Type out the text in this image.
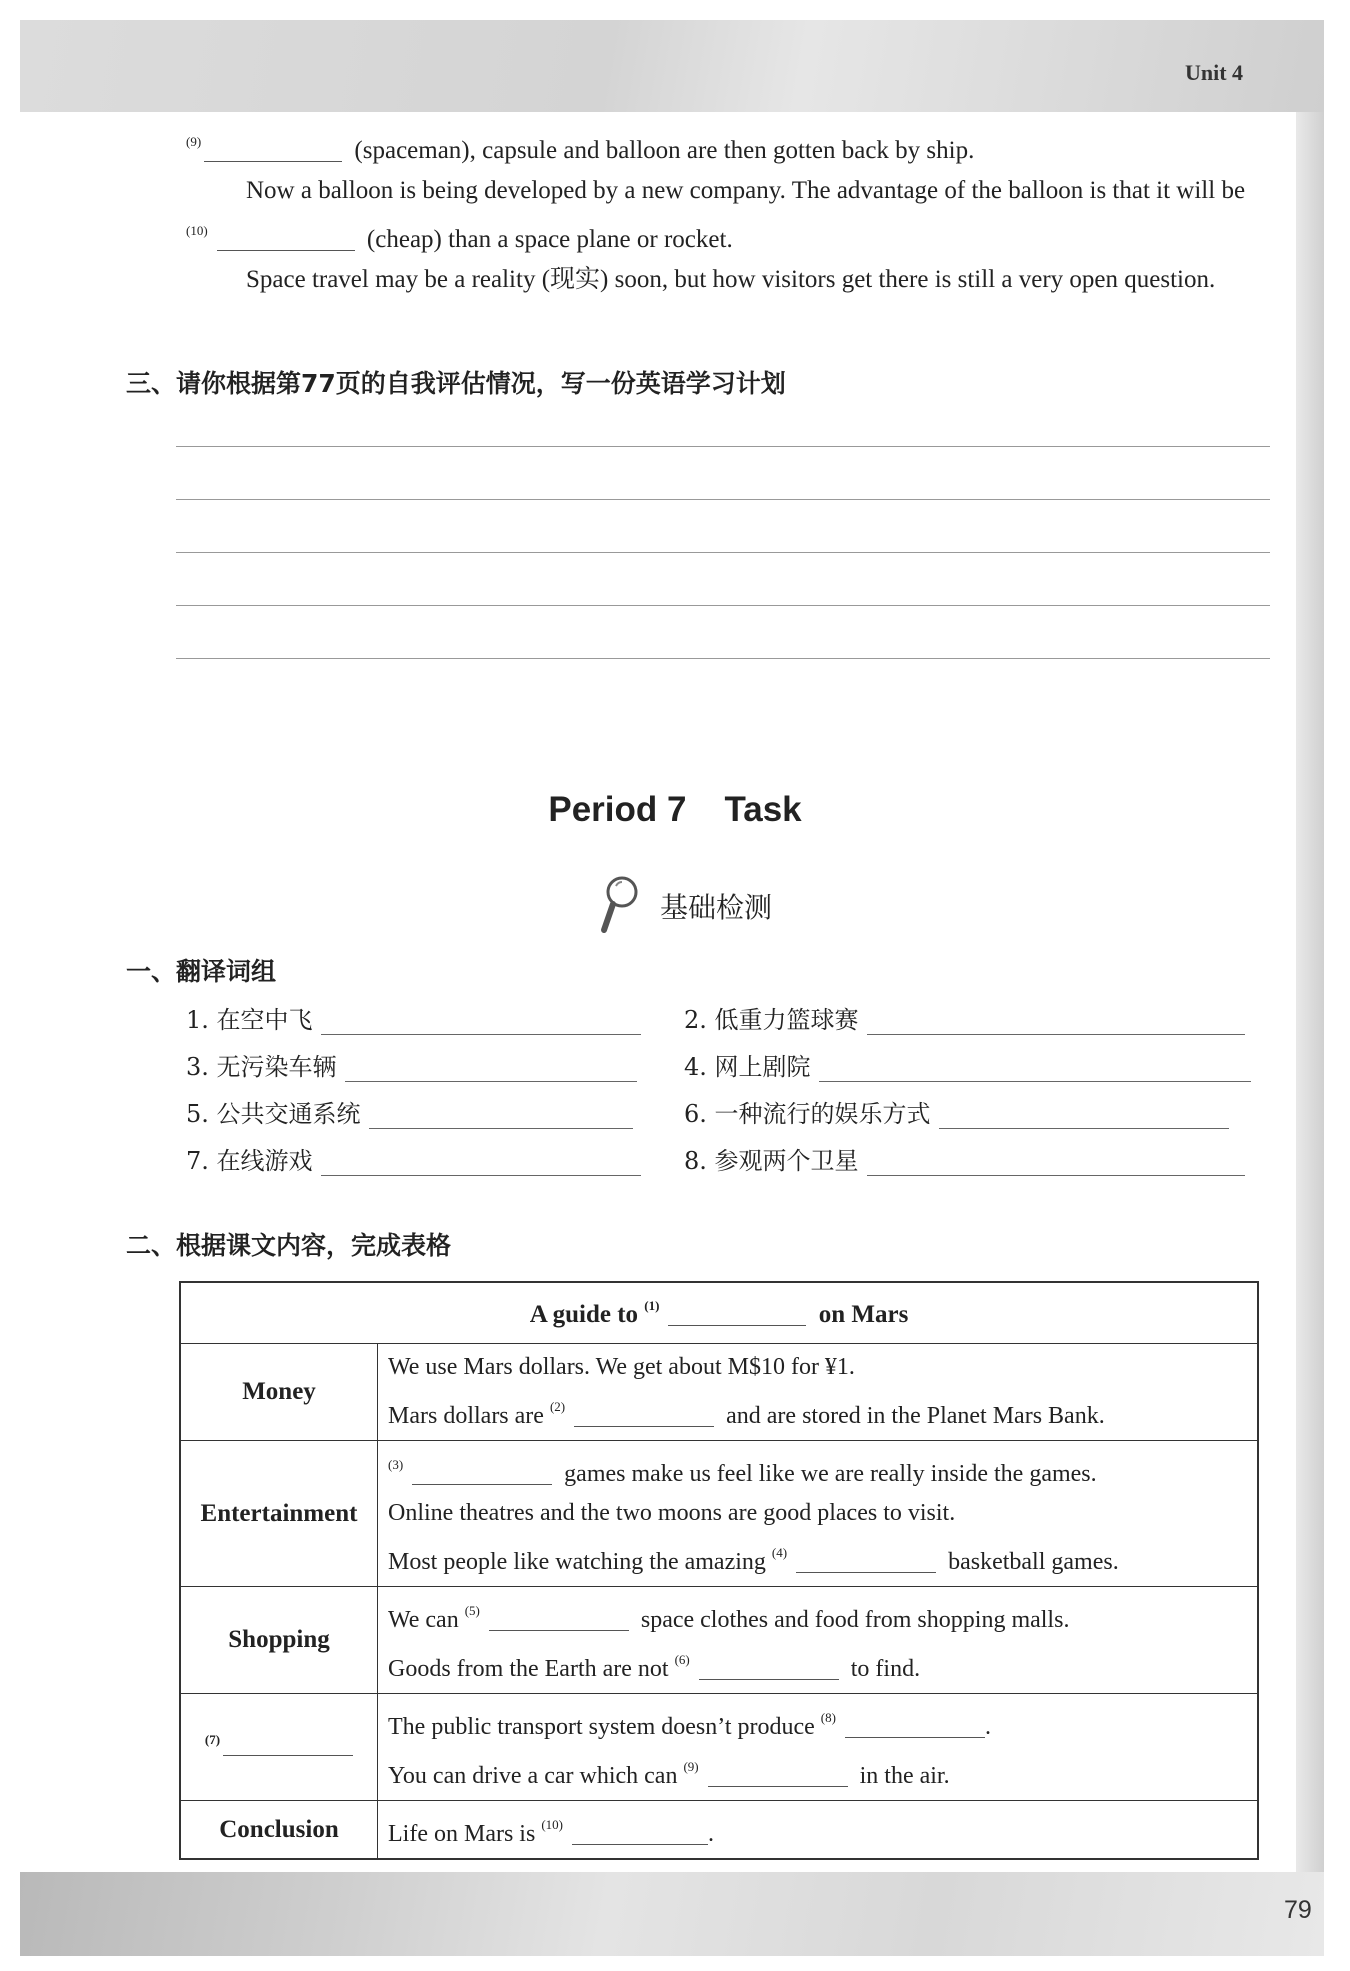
Unit 4
79

$^{(9)}$	(spaceman), capsule and balloon are then gotten back by ship.

Now a balloon is being developed by a new company. The advantage of the balloon is that it will be $^{(10)}$	(cheap) than a space plane or rocket.

Space travel may be a reality (现实) soon, but how visitors get there is still a very open question.

三、请你根据第77页的自我评估情况，写一份英语学习计划
Period 7 Task
基础检测
一、翻译词组
1. 在空中飞	2. 低重力篮球赛
3. 无污染车辆	4. 网上剧院
5. 公共交通系统	6. 一种流行的娱乐方式
7. 在线游戏	8. 参观两个卫星
二、根据课文内容，完成表格
A guide to $^{(1)}$ on Mars	
Money	We use Mars dollars. We get about M$10 for ¥1.
Mars dollars are $^{(2)}$ and are stored in the Planet Mars Bank.

Entertainment	$^{(3)}$ games make us feel like we are really inside the games.
Online theatres and the two moons are good places to visit.
Most people like watching the amazing $^{(4)}$ basketball games.

Shopping	We can $^{(5)}$ space clothes and food from shopping malls.
Goods from the Earth are not $^{(6)}$ to find.

$^{(7)}$	The public transport system doesn’t produce $^{(8)}$ .
You can drive a car which can $^{(9)}$ in the air.

Conclusion	Life on Mars is $^{(10)}$ .
